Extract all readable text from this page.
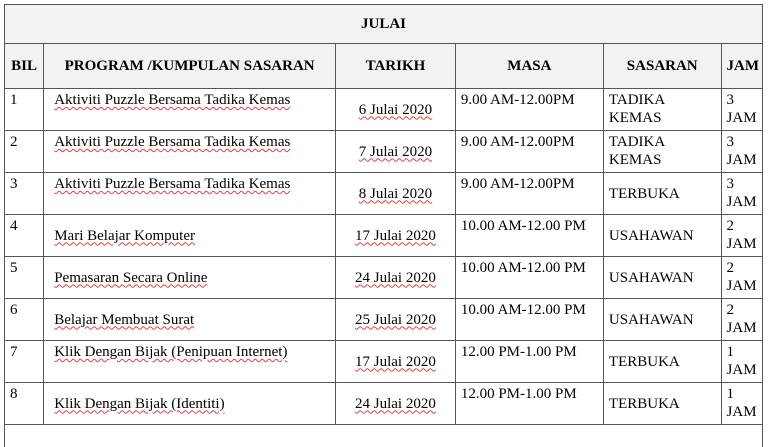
JULAI					
BIL	PROGRAM /KUMPULAN SASARAN	TARIKH	MASA	SASARAN	JAM
1	Aktiviti Puzzle Bersama Tadika Kemas	6 Julai 2020	9.00 AM-12.00PM	TADIKA KEMAS	3 JAM
2	Aktiviti Puzzle Bersama Tadika Kemas	7 Julai 2020	9.00 AM-12.00PM	TADIKA KEMAS	3 JAM
3	Aktiviti Puzzle Bersama Tadika Kemas	8 Julai 2020	9.00 AM-12.00PM	TERBUKA	3 JAM
4	Mari Belajar Komputer	17 Julai 2020	10.00 AM-12.00 PM	USAHAWAN	2 JAM
5	Pemasaran Secara Online	24 Julai 2020	10.00 AM-12.00 PM	USAHAWAN	2 JAM
6	Belajar Membuat Surat	25 Julai 2020	10.00 AM-12.00 PM	USAHAWAN	2 JAM
7	Klik Dengan Bijak (Penipuan Internet)	17 Julai 2020	12.00 PM-1.00 PM	TERBUKA	1 JAM
8	Klik Dengan Bijak (Identiti)	24 Julai 2020	12.00 PM-1.00 PM	TERBUKA	1 JAM
